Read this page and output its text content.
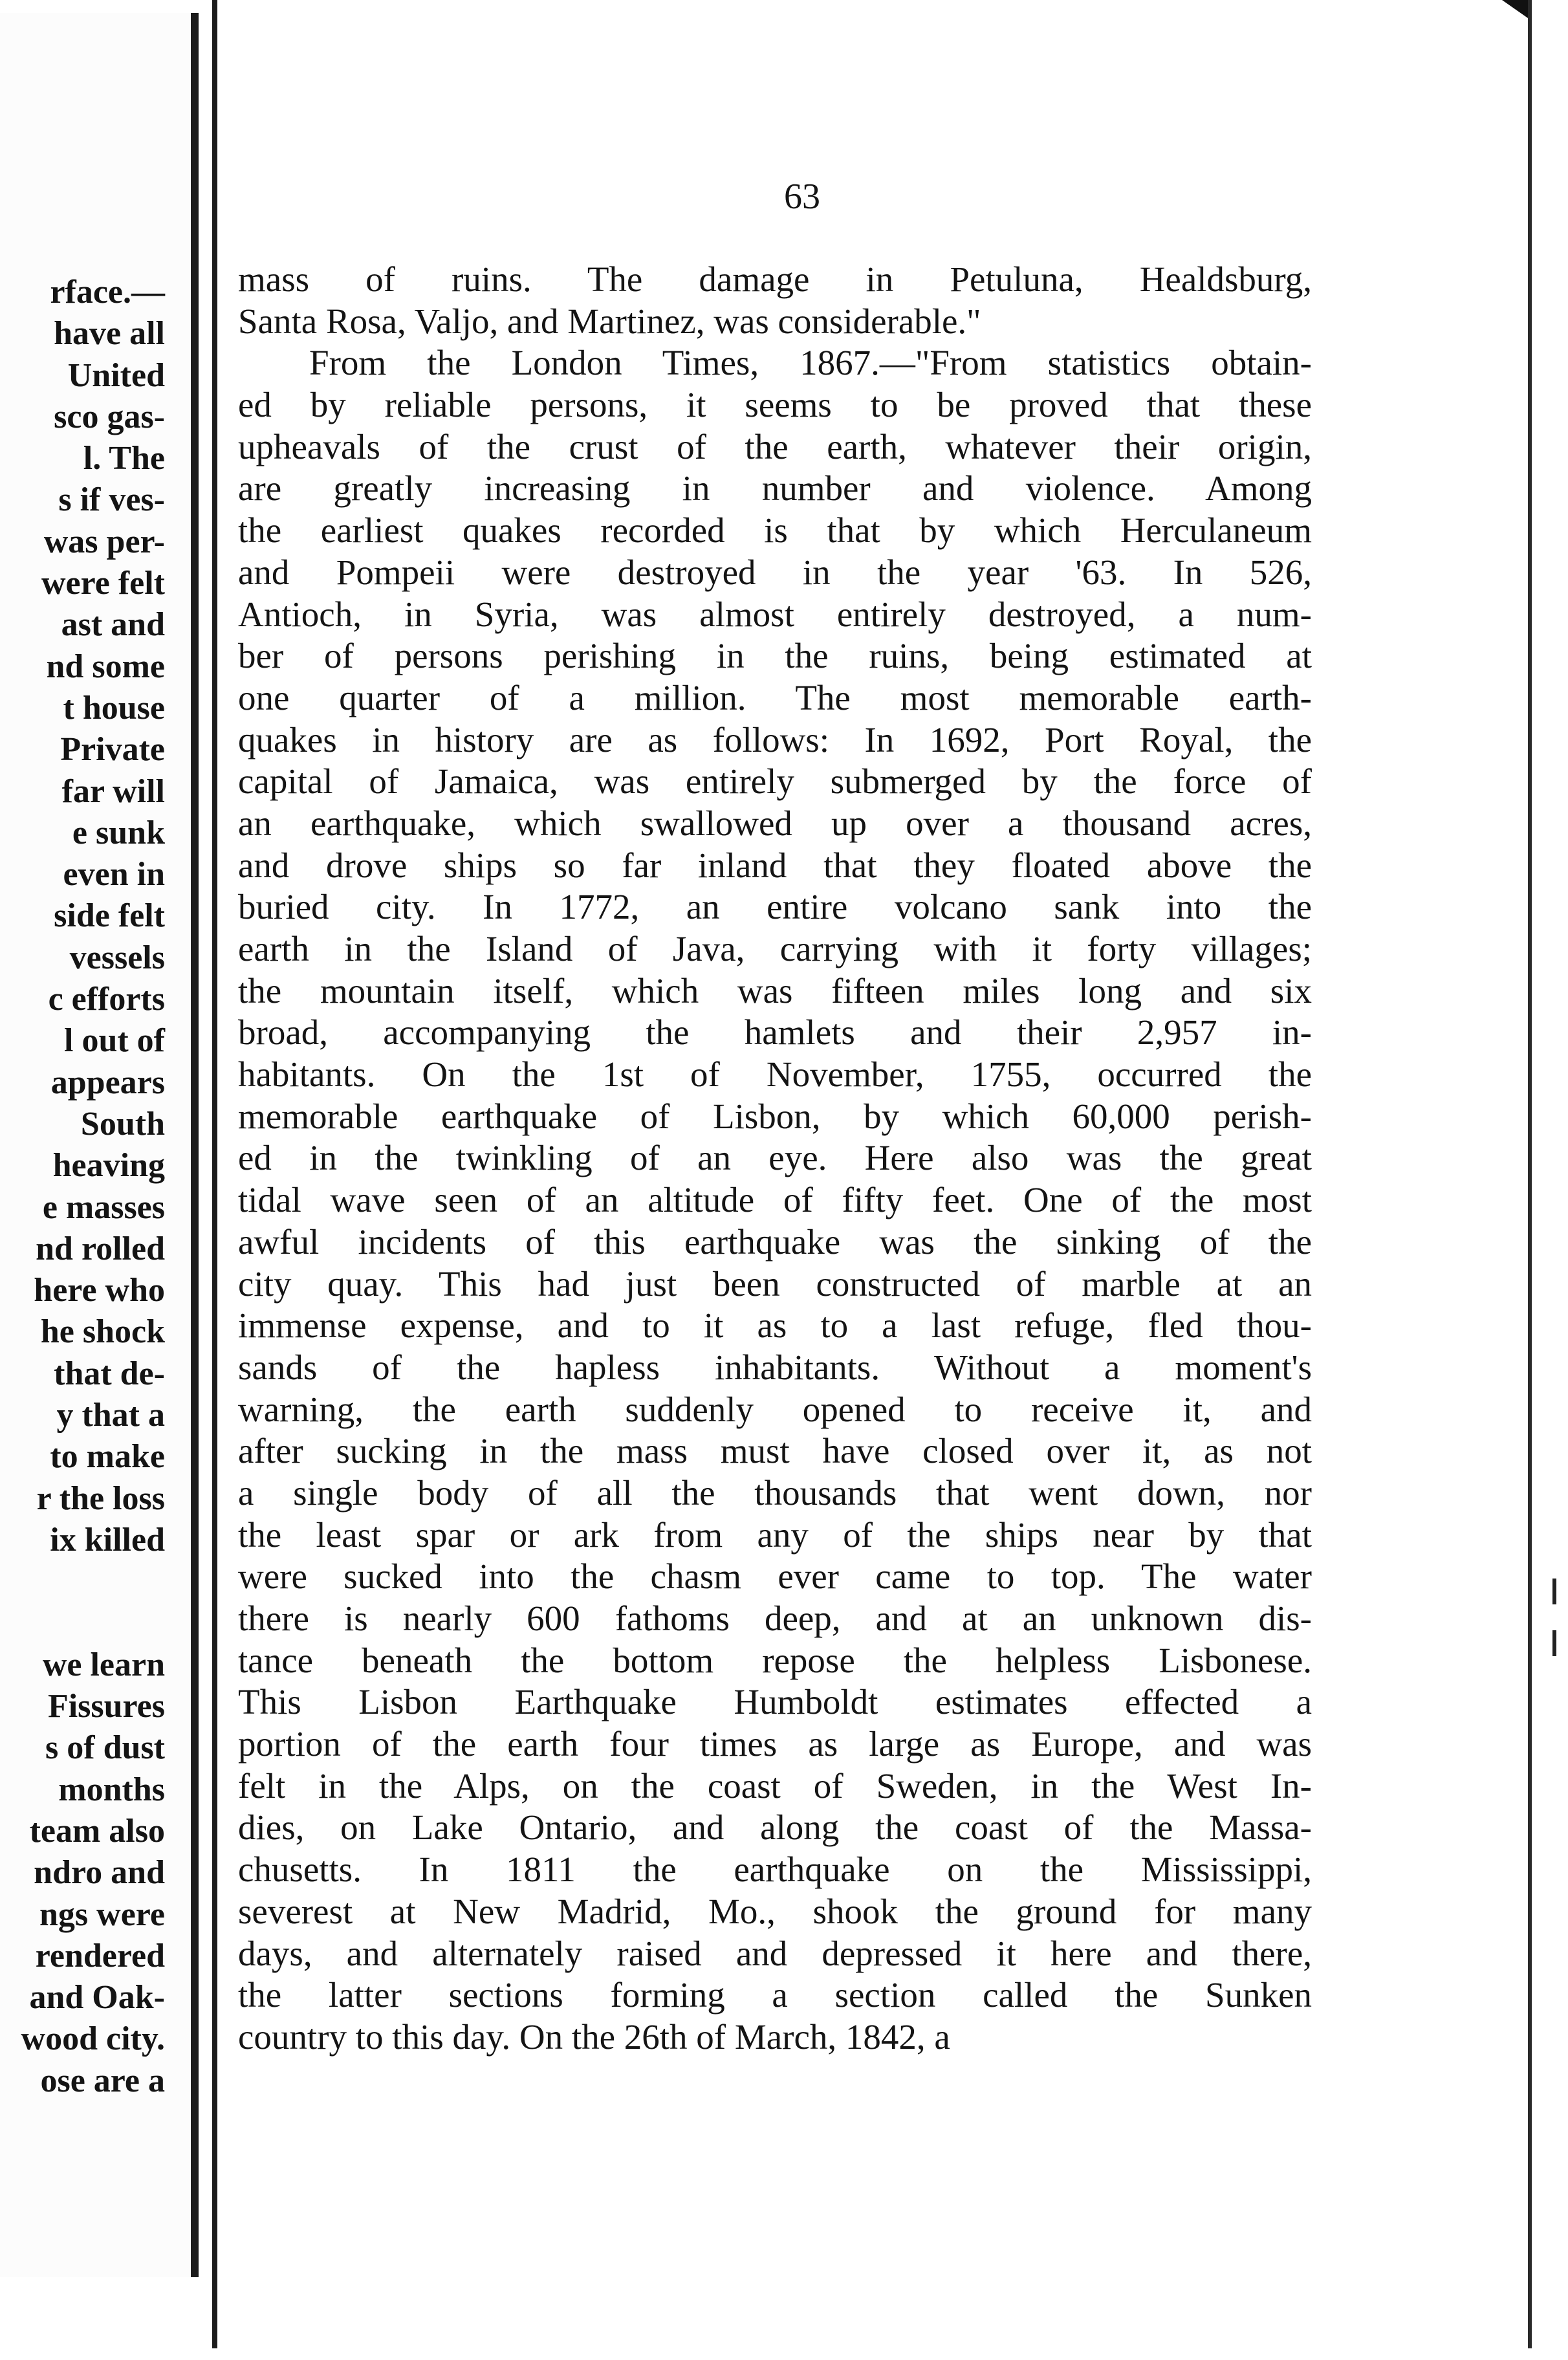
rface.—
have all
United
sco gas-
l. The
s if ves-
was per-
were felt
ast and
nd some
t house
Private
far will
e sunk
even in
side felt
vessels
c efforts
l out of
appears
South
heaving
e masses
nd rolled
here who
he shock
that de-
y that a
to make
r the loss
ix killed
we learn
Fissures
s of dust
months
team also
ndro and
ngs were
rendered
and Oak-
wood city.
ose are a
63
mass of ruins. The damage in Petuluna, Healdsburg,
Santa Rosa, Valjo, and Martinez, was considerable."
From the London Times, 1867.—"From statistics obtain-
ed by reliable persons, it seems to be proved that these
upheavals of the crust of the earth, whatever their origin,
are greatly increasing in number and violence. Among
the earliest quakes recorded is that by which Herculaneum
and Pompeii were destroyed in the year '63. In 526,
Antioch, in Syria, was almost entirely destroyed, a num-
ber of persons perishing in the ruins, being estimated at
one quarter of a million. The most memorable earth-
quakes in history are as follows: In 1692, Port Royal, the
capital of Jamaica, was entirely submerged by the force of
an earthquake, which swallowed up over a thousand acres,
and drove ships so far inland that they floated above the
buried city. In 1772, an entire volcano sank into the
earth in the Island of Java, carrying with it forty villages;
the mountain itself, which was fifteen miles long and six
broad, accompanying the hamlets and their 2,957 in-
habitants. On the 1st of November, 1755, occurred the
memorable earthquake of Lisbon, by which 60,000 perish-
ed in the twinkling of an eye. Here also was the great
tidal wave seen of an altitude of fifty feet. One of the most
awful incidents of this earthquake was the sinking of the
city quay. This had just been constructed of marble at an
immense expense, and to it as to a last refuge, fled thou-
sands of the hapless inhabitants. Without a moment's
warning, the earth suddenly opened to receive it, and
after sucking in the mass must have closed over it, as not
a single body of all the thousands that went down, nor
the least spar or ark from any of the ships near by that
were sucked into the chasm ever came to top. The water
there is nearly 600 fathoms deep, and at an unknown dis-
tance beneath the bottom repose the helpless Lisbonese.
This Lisbon Earthquake Humboldt estimates effected a
portion of the earth four times as large as Europe, and was
felt in the Alps, on the coast of Sweden, in the West In-
dies, on Lake Ontario, and along the coast of the Massa-
chusetts. In 1811 the earthquake on the Mississippi,
severest at New Madrid, Mo., shook the ground for many
days, and alternately raised and depressed it here and there,
the latter sections forming a section called the Sunken
country to this day. On the 26th of March, 1842, a
